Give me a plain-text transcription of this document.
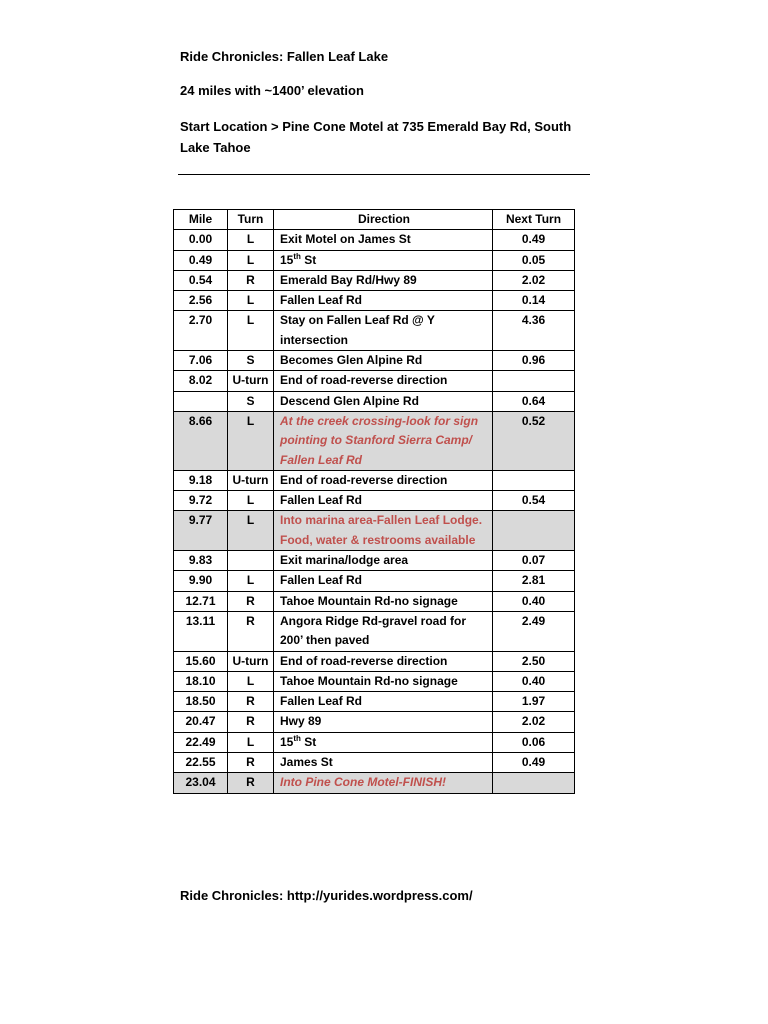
Ride Chronicles: Fallen Leaf Lake
24 miles with ~1400’ elevation
Start Location > Pine Cone Motel at 735 Emerald Bay Rd, South
Lake Tahoe
Mile	Turn	Direction	Next Turn
0.00	L	Exit Motel on James St	0.49
0.49	L	15th St	0.05
0.54	R	Emerald Bay Rd/Hwy 89	2.02
2.56	L	Fallen Leaf Rd	0.14
2.70	L	Stay on Fallen Leaf Rd @ Y intersection	4.36
7.06	S	Becomes Glen Alpine Rd	0.96
8.02	U-turn	End of road-reverse direction	
	S	Descend Glen Alpine Rd	0.64
8.66	L	At the creek crossing-look for sign pointing to Stanford Sierra Camp/ Fallen Leaf Rd	0.52
9.18	U-turn	End of road-reverse direction	
9.72	L	Fallen Leaf Rd	0.54
9.77	L	Into marina area-Fallen Leaf Lodge. Food, water & restrooms available	
9.83		Exit marina/lodge area	0.07
9.90	L	Fallen Leaf Rd	2.81
12.71	R	Tahoe Mountain Rd-no signage	0.40
13.11	R	Angora Ridge Rd-gravel road for 200’ then paved	2.49
15.60	U-turn	End of road-reverse direction	2.50
18.10	L	Tahoe Mountain Rd-no signage	0.40
18.50	R	Fallen Leaf Rd	1.97
20.47	R	Hwy 89	2.02
22.49	L	15th St	0.06
22.55	R	James St	0.49
23.04	R	Into Pine Cone Motel-FINISH!	
Ride Chronicles: http://yurides.wordpress.com/
